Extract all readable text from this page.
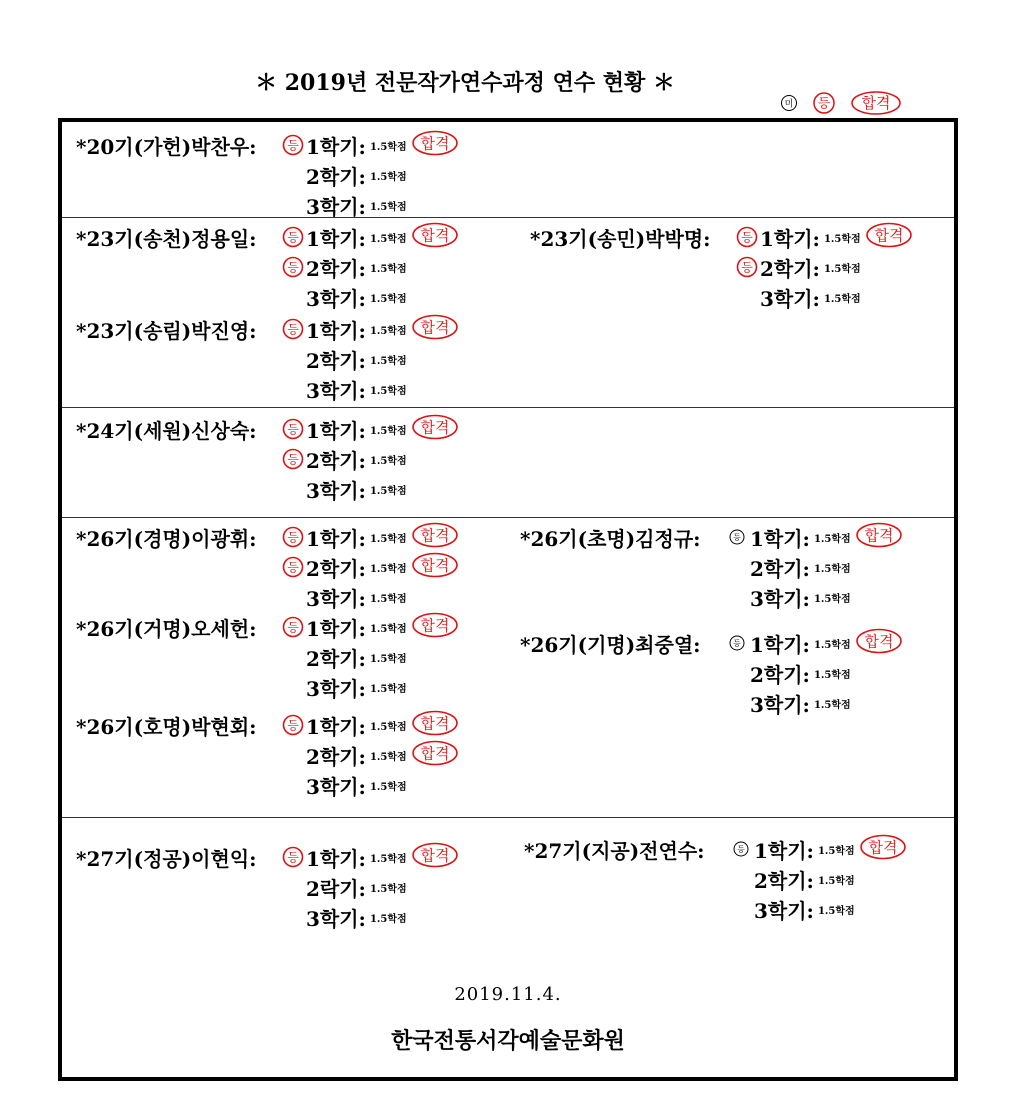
＊ 2019년 전문작가연수과정 연수 현황 ＊
미 등 합격
2019.11.4.
한국전통서각예술문화원
*20기(가헌)박찬우:	등 1학기: 1.5학점 합격
2학기: 1.5학점
3학기: 1.5학점
*23기(송천)정용일:	등 1학기: 1.5학점 합격
등 2학기: 1.5학점
3학기: 1.5학점
*23기(송민)박박명:	등 1학기: 1.5학점 합격
등 2학기: 1.5학점
3학기: 1.5학점
*23기(송림)박진영:	등 1학기: 1.5학점 합격
2학기: 1.5학점
3학기: 1.5학점
*24기(세원)신상숙:	등 1학기: 1.5학점 합격
등 2학기: 1.5학점
3학기: 1.5학점
*26기(경명)이광휘:	등 1학기: 1.5학점 합격
등 2학기: 1.5학점 합격
3학기: 1.5학점
*26기(초명)김정규:	등 1학기: 1.5학점 합격
2학기: 1.5학점
3학기: 1.5학점
*26기(거명)오세헌:	등 1학기: 1.5학점 합격
2학기: 1.5학점
3학기: 1.5학점
*26기(기명)최중열:	등 1학기: 1.5학점 합격
2학기: 1.5학점
3학기: 1.5학점
*26기(호명)박현회:	등 1학기: 1.5학점 합격
2학기: 1.5학점 합격
3학기: 1.5학점
*27기(정공)이현익:	등 1학기: 1.5학점 합격
2락기: 1.5학점
3학기: 1.5학점
*27기(지공)전연수:	등 1학기: 1.5학점 합격
2학기: 1.5학점
3학기: 1.5학점
